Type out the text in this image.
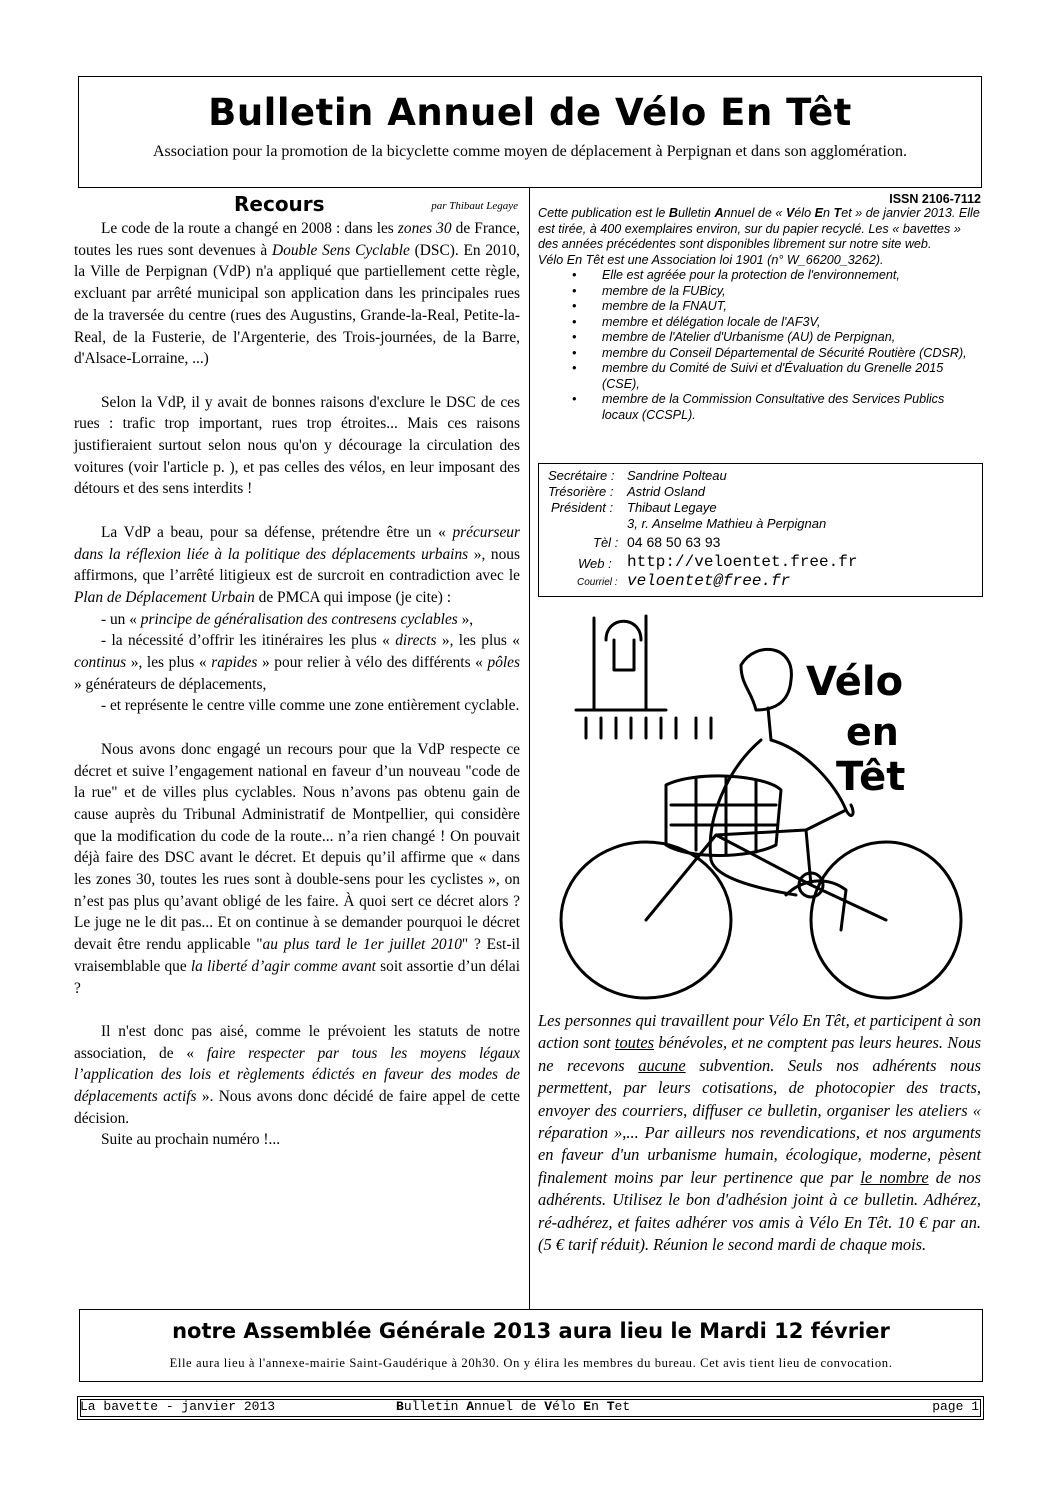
Bulletin Annuel de Vélo En Têt
Association pour la promotion de la bicyclette comme moyen de déplacement à Perpignan et dans son agglomération.
Recours	par Thibaut Legaye

Le code de la route a changé en 2008 : dans les zones 30 de France, toutes les rues sont devenues à Double Sens Cyclable (DSC). En 2010, la Ville de Perpignan (VdP) n'a appliqué que partiellement cette règle, excluant par arrêté municipal son application dans les principales rues de la traversée du centre (rues des Augustins, Grande-la-Real, Petite-la-Real, de la Fusterie, de l'Argenterie, des Trois-journées, de la Barre, d'Alsace-Lorraine, ...)

Selon la VdP, il y avait de bonnes raisons d'exclure le DSC de ces rues : trafic trop important, rues trop étroites... Mais ces raisons justifieraient surtout selon nous qu'on y décourage la circulation des voitures (voir l'article p. ), et pas celles des vélos, en leur imposant des détours et des sens interdits !

La VdP a beau, pour sa défense, prétendre être un « précurseur dans la réflexion liée à la politique des déplacements urbains », nous affirmons, que l’arrêté litigieux est de surcroit en contradiction avec le Plan de Déplacement Urbain de PMCA qui impose (je cite) :

- un « principe de généralisation des contresens cyclables »,

- la nécessité d’offrir les itinéraires les plus « directs », les plus « continus », les plus « rapides » pour relier à vélo des différents « pôles » générateurs de déplacements,

- et représente le centre ville comme une zone entièrement cyclable.

Nous avons donc engagé un recours pour que la VdP respecte ce décret et suive l’engagement national en faveur d’un nouveau "code de la rue" et de villes plus cyclables. Nous n’avons pas obtenu gain de cause auprès du Tribunal Administratif de Montpellier, qui considère que la modification du code de la route... n’a rien changé ! On pouvait déjà faire des DSC avant le décret. Et depuis qu’il affirme que « dans les zones 30, toutes les rues sont à double-sens pour les cyclistes », on n’est pas plus qu’avant obligé de les faire. À quoi sert ce décret alors ? Le juge ne le dit pas... Et on continue à se demander pourquoi le décret devait être rendu applicable "au plus tard le 1er juillet 2010" ? Est-il vraisemblable que la liberté d’agir comme avant soit assortie d’un délai ?

Il n'est donc pas aisé, comme le prévoient les statuts de notre association, de « faire respecter par tous les moyens légaux l’application des lois et règlements édictés en faveur des modes de déplacements actifs ». Nous avons donc décidé de faire appel de cette décision.

Suite au prochain numéro !...

ISSN 2106-7112

Cette publication est le Bulletin Annuel de « Vélo En Tet » de janvier 2013. Elle est tirée, à 400 exemplaires environ, sur du papier recyclé. Les « bavettes » des années précédentes sont disponibles librement sur notre site web.

Vélo En Têt est une Association loi 1901 (n° W_66200_3262).

• Elle est agréée pour la protection de l'environnement,
• membre de la FUBicy,
• membre de la FNAUT,
• membre et délégation locale de l'AF3V,
• membre de l'Atelier d'Urbanisme (AU) de Perpignan,
• membre du Conseil Départemental de Sécurité Routière (CDSR),
• membre du Comité de Suivi et d'Évaluation du Grenelle 2015 (CSE),
• membre de la Commission Consultative des Services Publics locaux (CCSPL).
Secrétaire : Sandrine Polteau
Trésorière : Astrid Osland
Président : Thibaut Legaye
3, r. Anselme Mathieu à Perpignan
Tèl : 04 68 50 63 93
Web : http://veloentet.free.fr
Courriel : veloentet@free.fr
Vélo
en
Têt

Les personnes qui travaillent pour Vélo En Têt, et participent à son action sont toutes bénévoles, et ne comptent pas leurs heures. Nous ne recevons aucune subvention. Seuls nos adhérents nous permettent, par leurs cotisations, de photocopier des tracts, envoyer des courriers, diffuser ce bulletin, organiser les ateliers « réparation »,... Par ailleurs nos revendications, et nos arguments en faveur d'un urbanisme humain, écologique, moderne, pèsent finalement moins par leur pertinence que par le nombre de nos adhérents. Utilisez le bon d'adhésion joint à ce bulletin. Adhérez, ré-adhérez, et faites adhérer vos amis à Vélo En Têt. 10 € par an. (5 € tarif réduit). Réunion le second mardi de chaque mois.

notre Assemblée Générale 2013 aura lieu le Mardi 12 février
Elle aura lieu à l'annexe-mairie Saint-Gaudérique à 20h30. On y élira les membres du bureau. Cet avis tient lieu de convocation.
La bavette - janvier 2013	Bulletin Annuel de Vélo En Tet	page 1
